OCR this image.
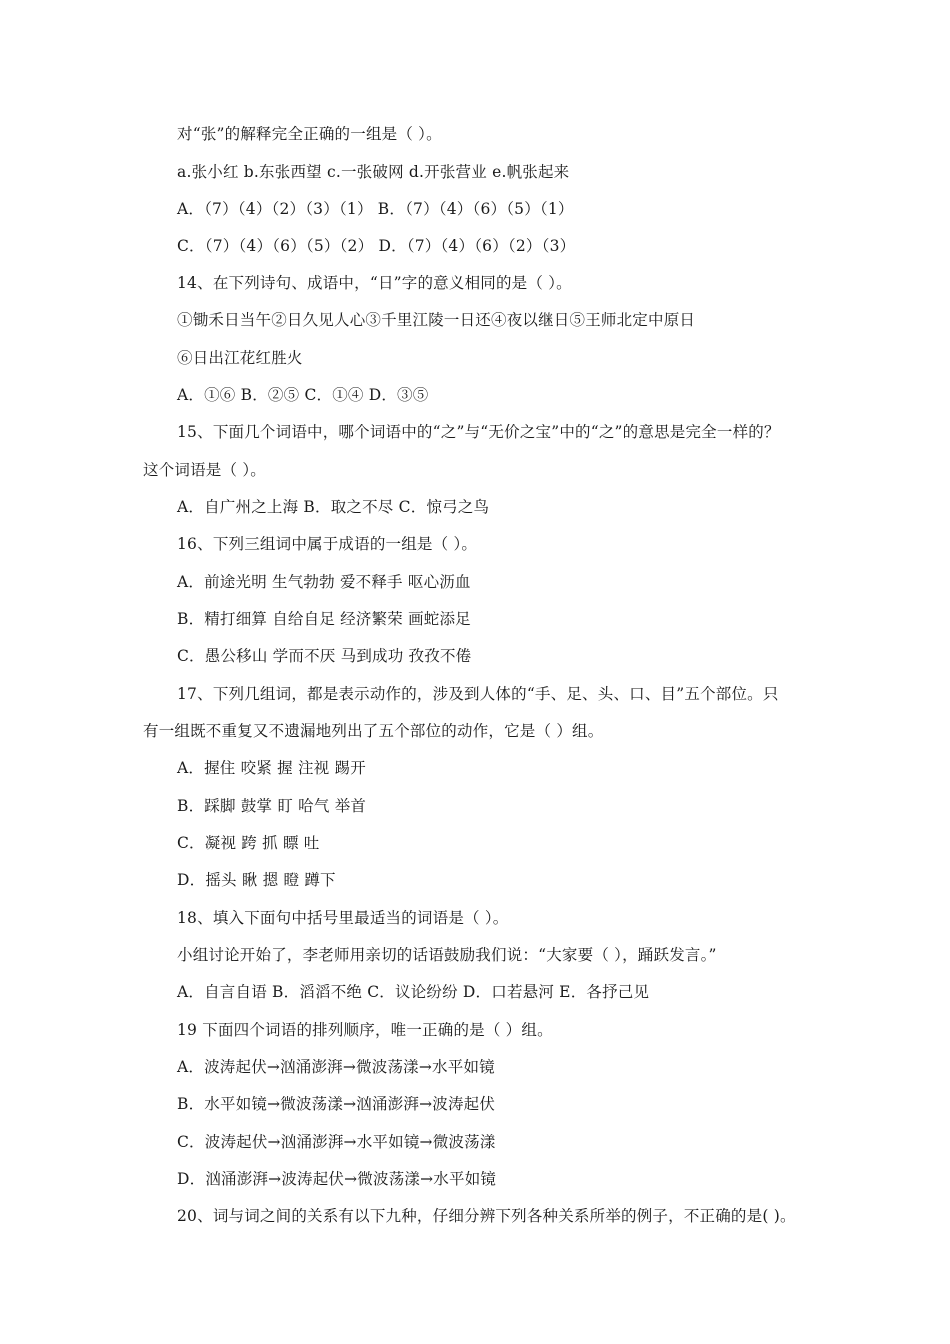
对“张”的解释完全正确的一组是（ ）。
a.张小红 b.东张西望 c.一张破网 d.开张营业 e.帆张起来
A．（7）（4）（2）（3）（1） B．（7）（4）（6）（5）（1）
C．（7）（4）（6）（5）（2） D．（7）（4）（6）（2）（3）
14、在下列诗句、成语中，“日”字的意义相同的是（ ）。
①锄禾日当午②日久见人心③千里江陵一日还④夜以继日⑤王师北定中原日
⑥日出江花红胜火
A．①⑥ B．②⑤ C．①④ D．③⑤
15、下面几个词语中，哪个词语中的“之”与“无价之宝”中的“之”的意思是完全一样的？
这个词语是（ ）。
A．自广州之上海 B．取之不尽 C．惊弓之鸟
16、下列三组词中属于成语的一组是（ ）。
A．前途光明 生气勃勃 爱不释手 呕心沥血
B．精打细算 自给自足 经济繁荣 画蛇添足
C．愚公移山 学而不厌 马到成功 孜孜不倦
17、下列几组词，都是表示动作的，涉及到人体的“手、足、头、口、目”五个部位。只
有一组既不重复又不遗漏地列出了五个部位的动作，它是（ ）组。
A．握住 咬紧 握 注视 踢开
B．踩脚 鼓掌 盯 哈气 举首
C．凝视 跨 抓 瞟 吐
D．摇头 瞅 摁 瞪 蹲下
18、填入下面句中括号里最适当的词语是（ ）。
小组讨论开始了，李老师用亲切的话语鼓励我们说：“大家要（ ），踊跃发言。”
A．自言自语 B．滔滔不绝 C．议论纷纷 D．口若悬河 E．各抒己见
19 下面四个词语的排列顺序，唯一正确的是（ ）组。
A．波涛起伏→汹涌澎湃→微波荡漾→水平如镜
B．水平如镜→微波荡漾→汹涌澎湃→波涛起伏
C．波涛起伏→汹涌澎湃→水平如镜→微波荡漾
D．汹涌澎湃→波涛起伏→微波荡漾→水平如镜
20、词与词之间的关系有以下九种，仔细分辨下列各种关系所举的例子，不正确的是( )。
